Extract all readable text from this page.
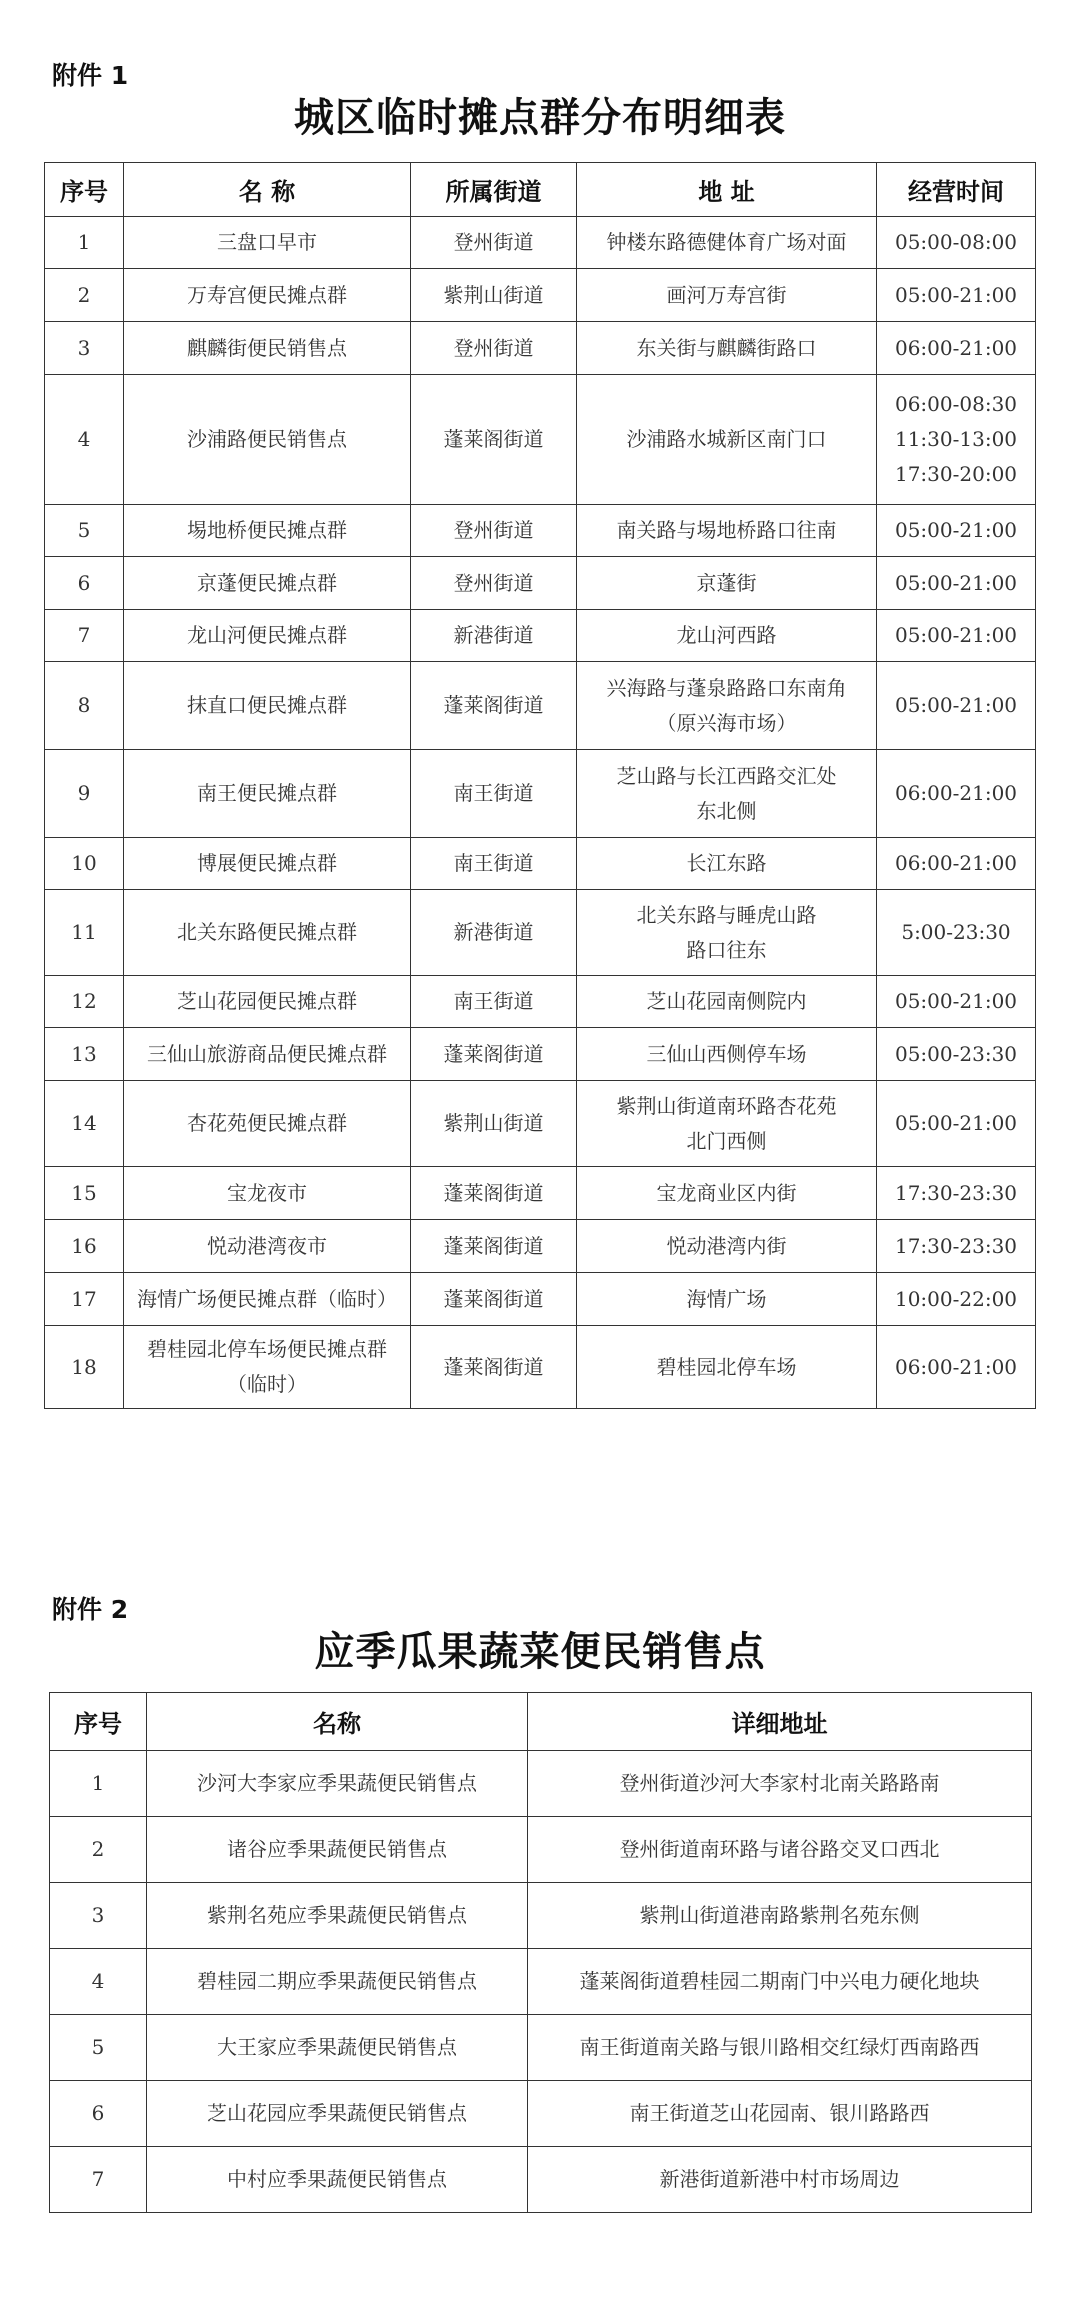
附件 1
城区临时摊点群分布明细表
序号	名 称	所属街道	地 址	经营时间
1	三盘口早市	登州街道	钟楼东路德健体育广场对面	05:00-08:00

2	万寿宫便民摊点群	紫荆山街道	画河万寿宫街	05:00-21:00

3	麒麟街便民销售点	登州街道	东关街与麒麟街路口	06:00-21:00

4	沙浦路便民销售点	蓬莱阁街道	沙浦路水城新区南门口	06:00-08:30
11:30-13:00
17:30-20:00

5	埸地桥便民摊点群	登州街道	南关路与埸地桥路口往南	05:00-21:00

6	京蓬便民摊点群	登州街道	京蓬街	05:00-21:00

7	龙山河便民摊点群	新港街道	龙山河西路	05:00-21:00

8	抹直口便民摊点群	蓬莱阁街道	兴海路与蓬泉路路口东南角
（原兴海市场）	05:00-21:00

9	南王便民摊点群	南王街道	芝山路与长江西路交汇处
东北侧	06:00-21:00

10	博展便民摊点群	南王街道	长江东路	06:00-21:00

11	北关东路便民摊点群	新港街道	北关东路与睡虎山路
路口往东	5:00-23:30

12	芝山花园便民摊点群	南王街道	芝山花园南侧院内	05:00-21:00

13	三仙山旅游商品便民摊点群	蓬莱阁街道	三仙山西侧停车场	05:00-23:30

14	杏花苑便民摊点群	紫荆山街道	紫荆山街道南环路杏花苑
北门西侧	05:00-21:00

15	宝龙夜市	蓬莱阁街道	宝龙商业区内街	17:30-23:30

16	悦动港湾夜市	蓬莱阁街道	悦动港湾内街	17:30-23:30

17	海情广场便民摊点群（临时）	蓬莱阁街道	海情广场	10:00-22:00

18	碧桂园北停车场便民摊点群
（临时）	蓬莱阁街道	碧桂园北停车场	06:00-21:00
附件 2
应季瓜果蔬菜便民销售点
序号	名称	详细地址
1	沙河大李家应季果蔬便民销售点	登州街道沙河大李家村北南关路路南
2	诸谷应季果蔬便民销售点	登州街道南环路与诸谷路交叉口西北
3	紫荆名苑应季果蔬便民销售点	紫荆山街道港南路紫荆名苑东侧
4	碧桂园二期应季果蔬便民销售点	蓬莱阁街道碧桂园二期南门中兴电力硬化地块
5	大王家应季果蔬便民销售点	南王街道南关路与银川路相交红绿灯西南路西
6	芝山花园应季果蔬便民销售点	南王街道芝山花园南、银川路路西
7	中村应季果蔬便民销售点	新港街道新港中村市场周边
